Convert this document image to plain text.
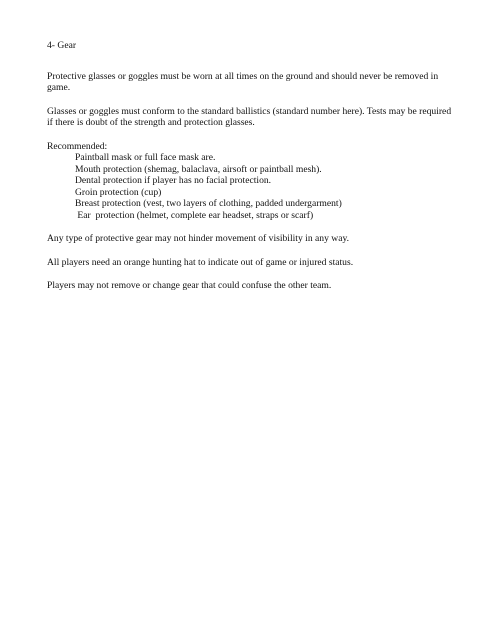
4- Gear

Protective glasses or goggles must be worn at all times on the ground and should never be removed in game.

Glasses or goggles must conform to the standard ballistics (standard number here). Tests may be required if there is doubt of the strength and protection glasses.

Recommended:

Paintball mask or full face mask are.
Mouth protection (shemag, balaclava, airsoft or paintball mesh).
Dental protection if player has no facial protection.
Groin protection (cup)
Breast protection (vest, two layers of clothing, padded undergarment)
Ear  protection (helmet, complete ear headset, straps or scarf)

Any type of protective gear may not hinder movement of visibility in any way.

All players need an orange hunting hat to indicate out of game or injured status.

Players may not remove or change gear that could confuse the other team.
